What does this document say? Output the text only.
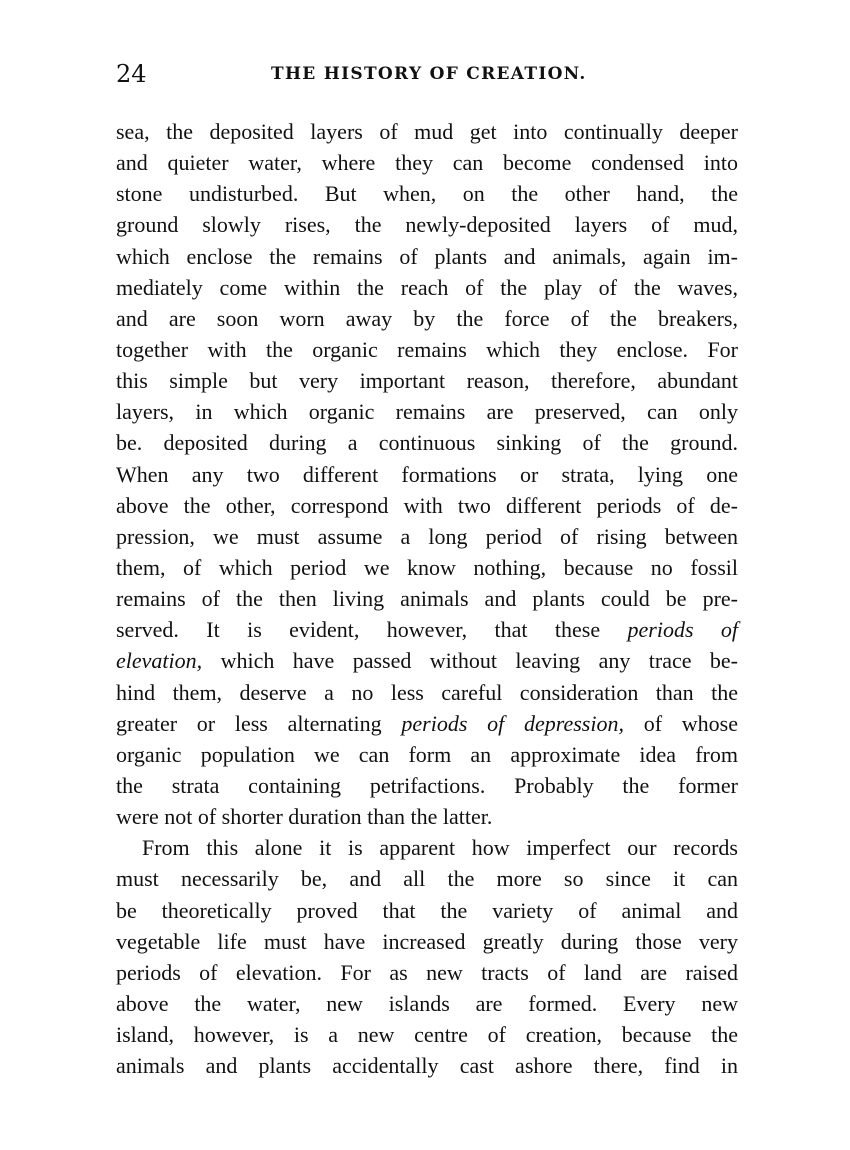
24	THE HISTORY OF CREATION.
sea, the deposited layers of mud get into continually deeper
and quieter water, where they can become condensed into
stone undisturbed. But when, on the other hand, the
ground slowly rises, the newly-deposited layers of mud,
which enclose the remains of plants and animals, again im-
mediately come within the reach of the play of the waves,
and are soon worn away by the force of the breakers,
together with the organic remains which they enclose. For
this simple but very important reason, therefore, abundant
layers, in which organic remains are preserved, can only
be. deposited during a continuous sinking of the ground.
When any two different formations or strata, lying one
above the other, correspond with two different periods of de-
pression, we must assume a long period of rising between
them, of which period we know nothing, because no fossil
remains of the then living animals and plants could be pre-
served. It is evident, however, that these periods of
elevation, which have passed without leaving any trace be-
hind them, deserve a no less careful consideration than the
greater or less alternating periods of depression, of whose
organic population we can form an approximate idea from
the strata containing petrifactions. Probably the former
were not of shorter duration than the latter.
From this alone it is apparent how imperfect our records
must necessarily be, and all the more so since it can
be theoretically proved that the variety of animal and
vegetable life must have increased greatly during those very
periods of elevation. For as new tracts of land are raised
above the water, new islands are formed. Every new
island, however, is a new centre of creation, because the
animals and plants accidentally cast ashore there, find in
